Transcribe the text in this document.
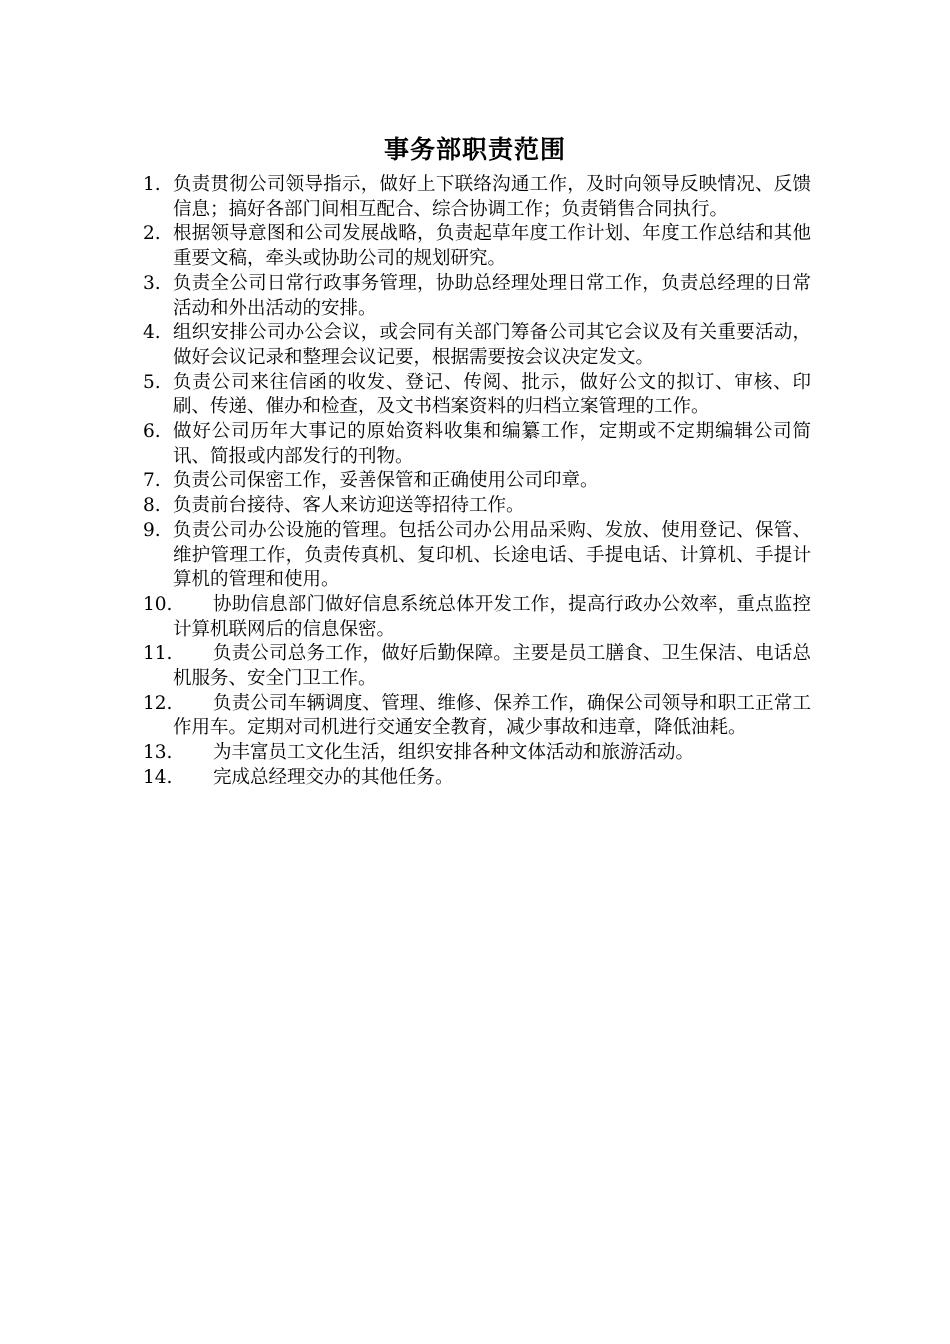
事务部职责范围
1. 负责贯彻公司领导指示，做好上下联络沟通工作，及时向领导反映情况、反馈信息；搞好各部门间相互配合、综合协调工作；负责销售合同执行。
2. 根据领导意图和公司发展战略，负责起草年度工作计划、年度工作总结和其他重要文稿，牵头或协助公司的规划研究。
3. 负责全公司日常行政事务管理，协助总经理处理日常工作，负责总经理的日常活动和外出活动的安排。
4. 组织安排公司办公会议，或会同有关部门筹备公司其它会议及有关重要活动，做好会议记录和整理会议记要，根据需要按会议决定发文。
5. 负责公司来往信函的收发、登记、传阅、批示，做好公文的拟订、审核、印刷、传递、催办和检查，及文书档案资料的归档立案管理的工作。
6. 做好公司历年大事记的原始资料收集和编纂工作，定期或不定期编辑公司简讯、简报或内部发行的刊物。
7. 负责公司保密工作，妥善保管和正确使用公司印章。
8. 负责前台接待、客人来访迎送等招待工作。
9. 负责公司办公设施的管理。包括公司办公用品采购、发放、使用登记、保管、维护管理工作，负责传真机、复印机、长途电话、手提电话、计算机、手提计算机的管理和使用。
10. 协助信息部门做好信息系统总体开发工作，提高行政办公效率，重点监控计算机联网后的信息保密。
11. 负责公司总务工作，做好后勤保障。主要是员工膳食、卫生保洁、电话总机服务、安全门卫工作。
12. 负责公司车辆调度、管理、维修、保养工作，确保公司领导和职工正常工作用车。定期对司机进行交通安全教育，减少事故和违章，降低油耗。
13. 为丰富员工文化生活，组织安排各种文体活动和旅游活动。
14. 完成总经理交办的其他任务。
